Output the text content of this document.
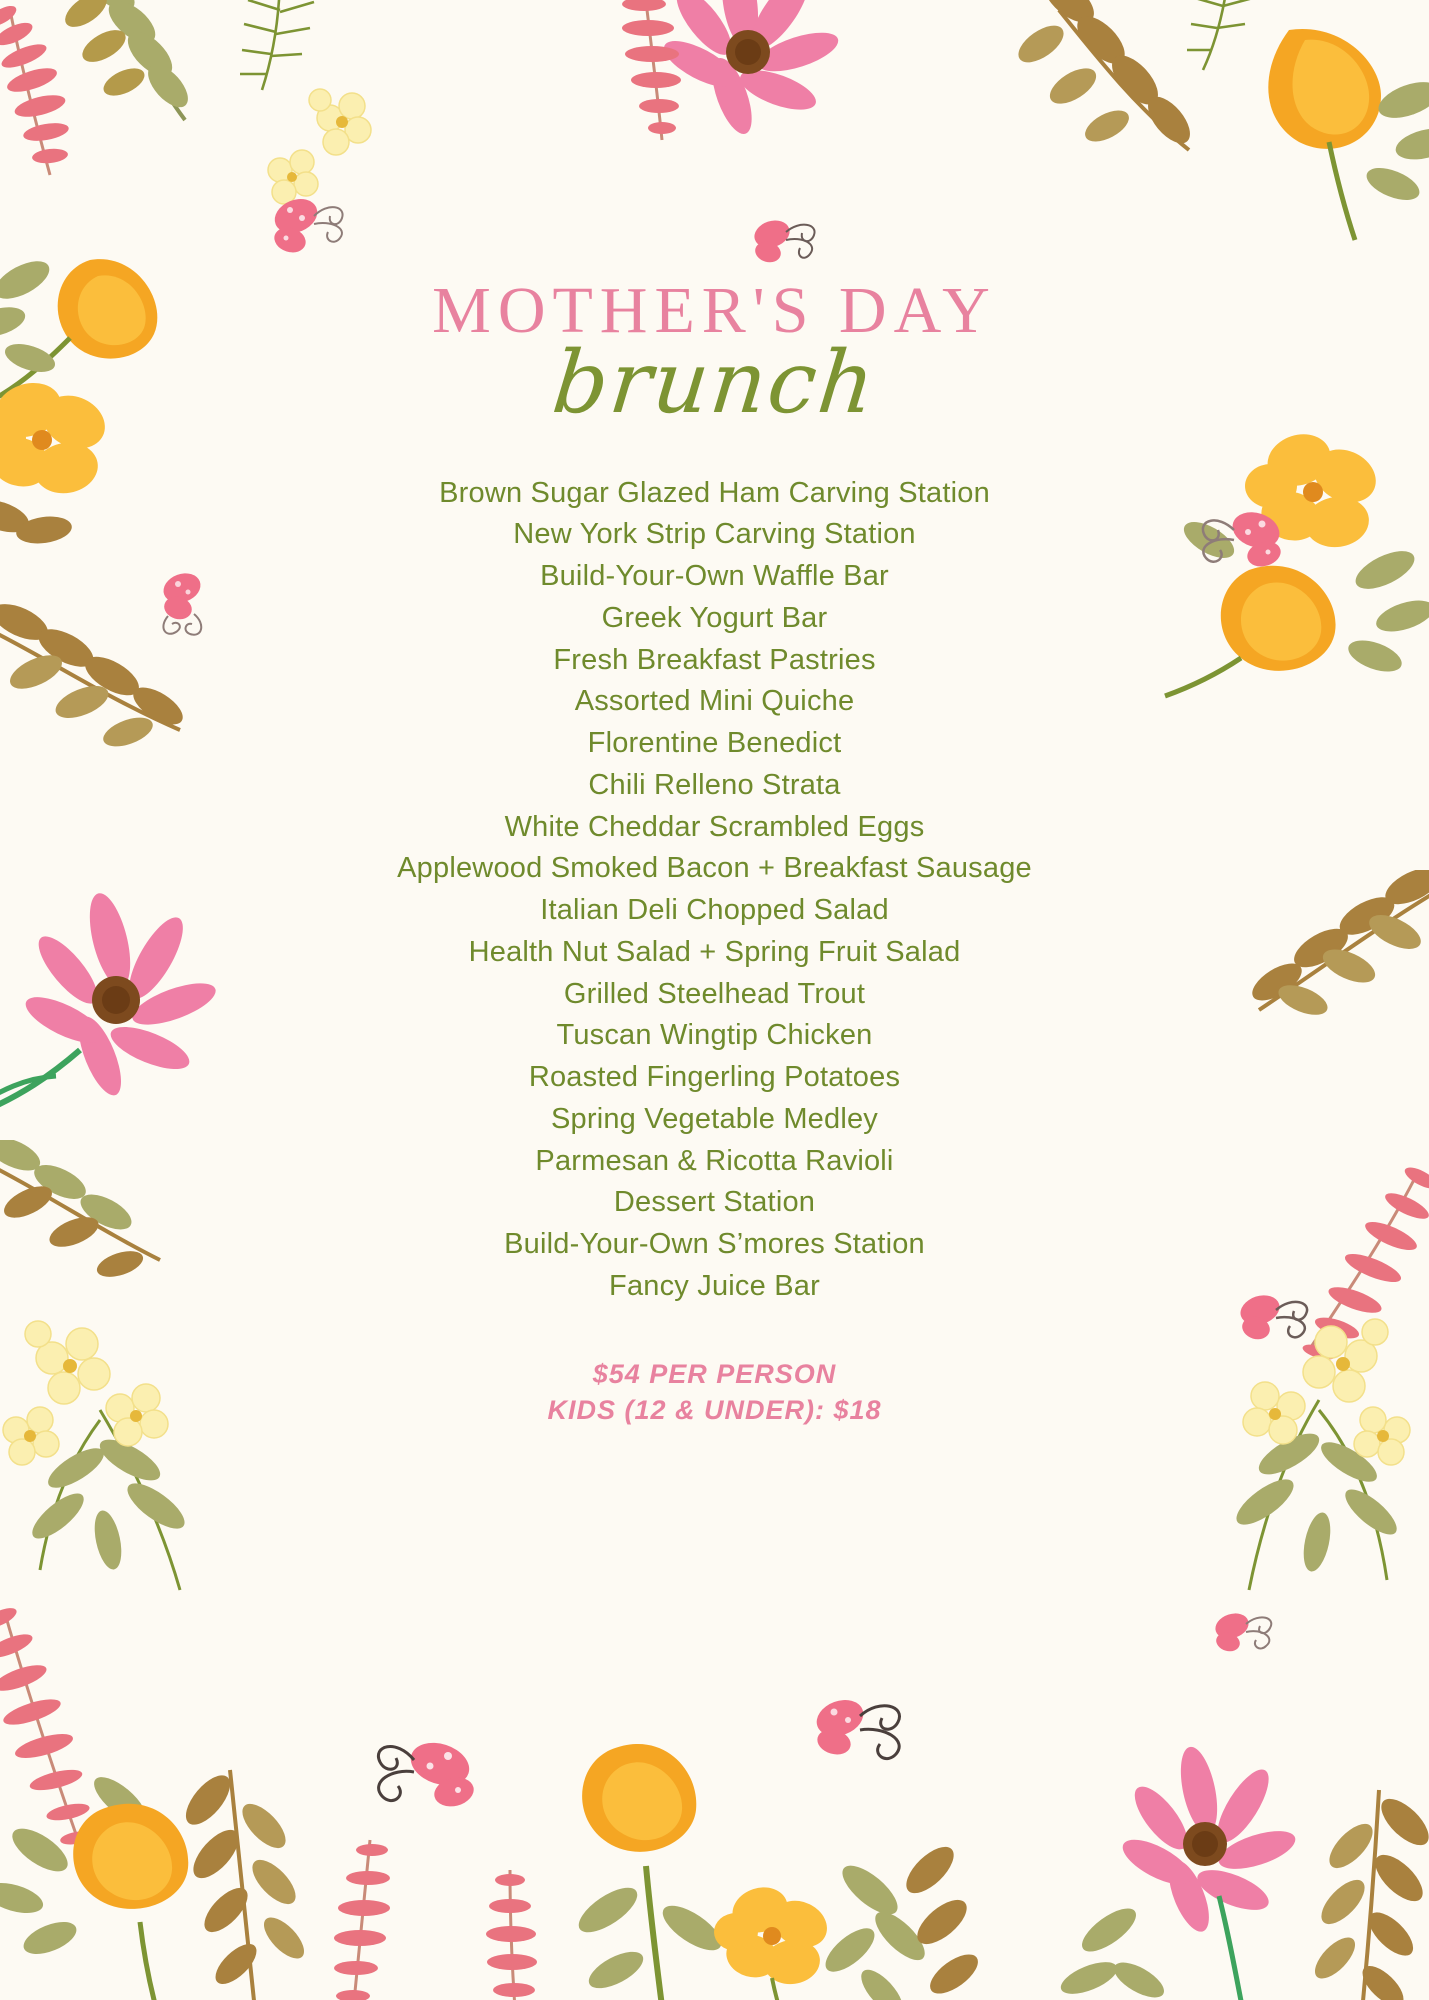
MOTHER'S DAY
brunch
Brown Sugar Glazed Ham Carving Station
New York Strip Carving Station
Build-Your-Own Waffle Bar
Greek Yogurt Bar
Fresh Breakfast Pastries
Assorted Mini Quiche
Florentine Benedict
Chili Relleno Strata
White Cheddar Scrambled Eggs
Applewood Smoked Bacon + Breakfast Sausage
Italian Deli Chopped Salad
Health Nut Salad + Spring Fruit Salad
Grilled Steelhead Trout
Tuscan Wingtip Chicken
Roasted Fingerling Potatoes
Spring Vegetable Medley
Parmesan & Ricotta Ravioli
Dessert Station
Build-Your-Own S’mores Station
Fancy Juice Bar
$54 PER PERSON
KIDS (12 & UNDER): $18
